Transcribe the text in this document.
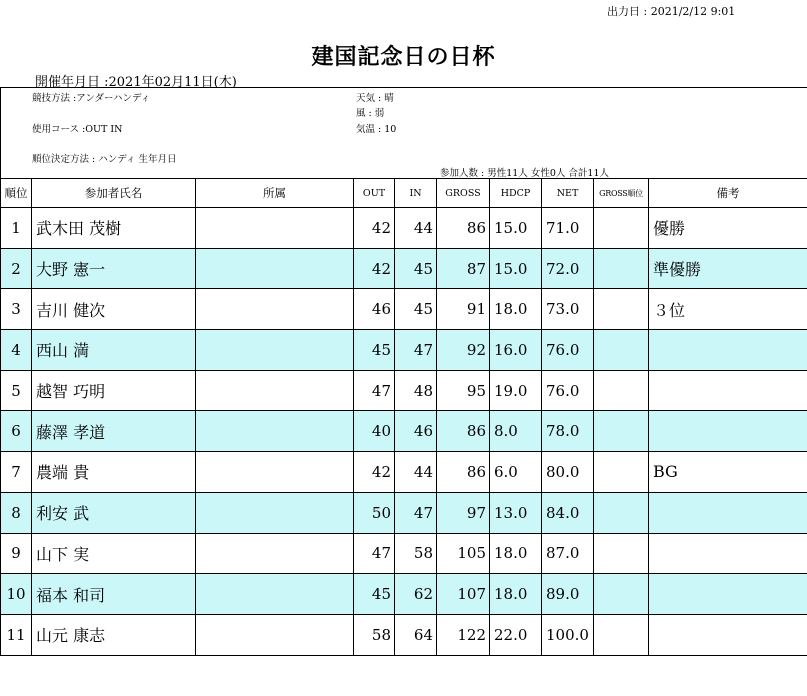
出力日 : 2021/2/12 9:01
建国記念日の日杯
開催年月日 :2021年02月11日(木)
競技方法 :アンダーハンディ
使用コース :OUT IN
順位決定方法 : ハンディ 生年月日
天気 : 晴
風 : 弱
気温 : 10
参加人数 : 男性11人 女性0人 合計11人
順位	参加者氏名	所属	OUT	IN	GROSS	HDCP	NET	GROSS順位	備考
1	武木田 茂樹		42	44	86	15.0	71.0		優勝
2	大野 憲一		42	45	87	15.0	72.0		準優勝
3	吉川 健次		46	45	91	18.0	73.0		３位
4	西山 満		45	47	92	16.0	76.0		
5	越智 巧明		47	48	95	19.0	76.0		
6	藤澤 孝道		40	46	86	8.0	78.0		
7	農端 貴		42	44	86	6.0	80.0		BG
8	利安 武		50	47	97	13.0	84.0		
9	山下 実		47	58	105	18.0	87.0		
10	福本 和司		45	62	107	18.0	89.0		
11	山元 康志		58	64	122	22.0	100.0		
